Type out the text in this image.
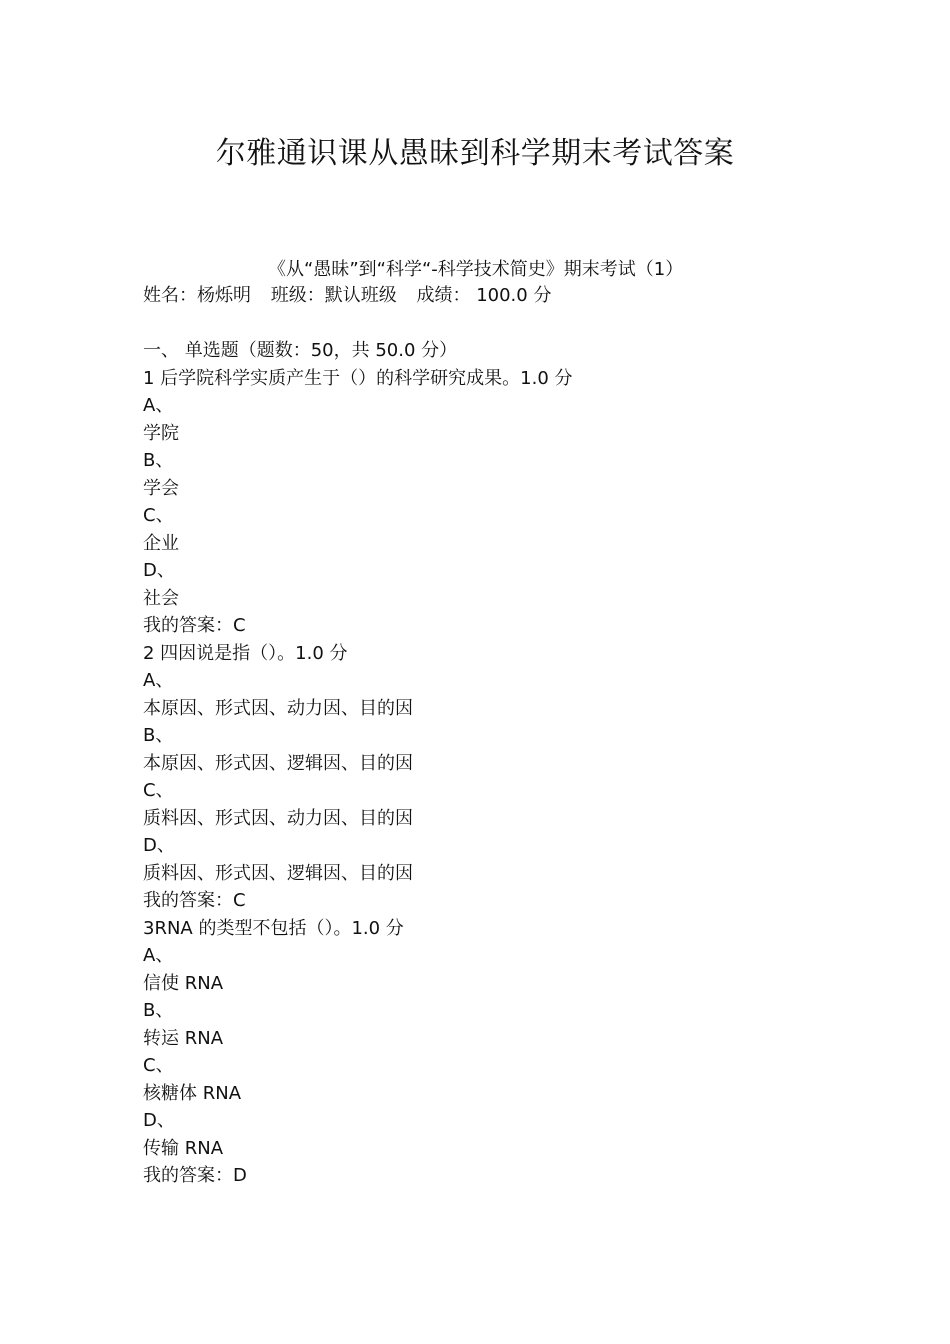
尔雅通识课从愚昧到科学期末考试答案
《从“愚昧”到“科学“-科学技术简史》期末考试（1）
姓名：杨烁明 班级：默认班级 成绩： 100.0 分
一、 单选题（题数：50，共 50.0 分）
1 后学院科学实质产生于（）的科学研究成果。1.0 分
A、
学院
B、
学会
C、
企业
D、
社会
我的答案：C
2 四因说是指（）。1.0 分
A、
本原因、形式因、动力因、目的因
B、
本原因、形式因、逻辑因、目的因
C、
质料因、形式因、动力因、目的因
D、
质料因、形式因、逻辑因、目的因
我的答案：C
3RNA 的类型不包括（）。1.0 分
A、
信使 RNA
B、
转运 RNA
C、
核糖体 RNA
D、
传输 RNA
我的答案：D
